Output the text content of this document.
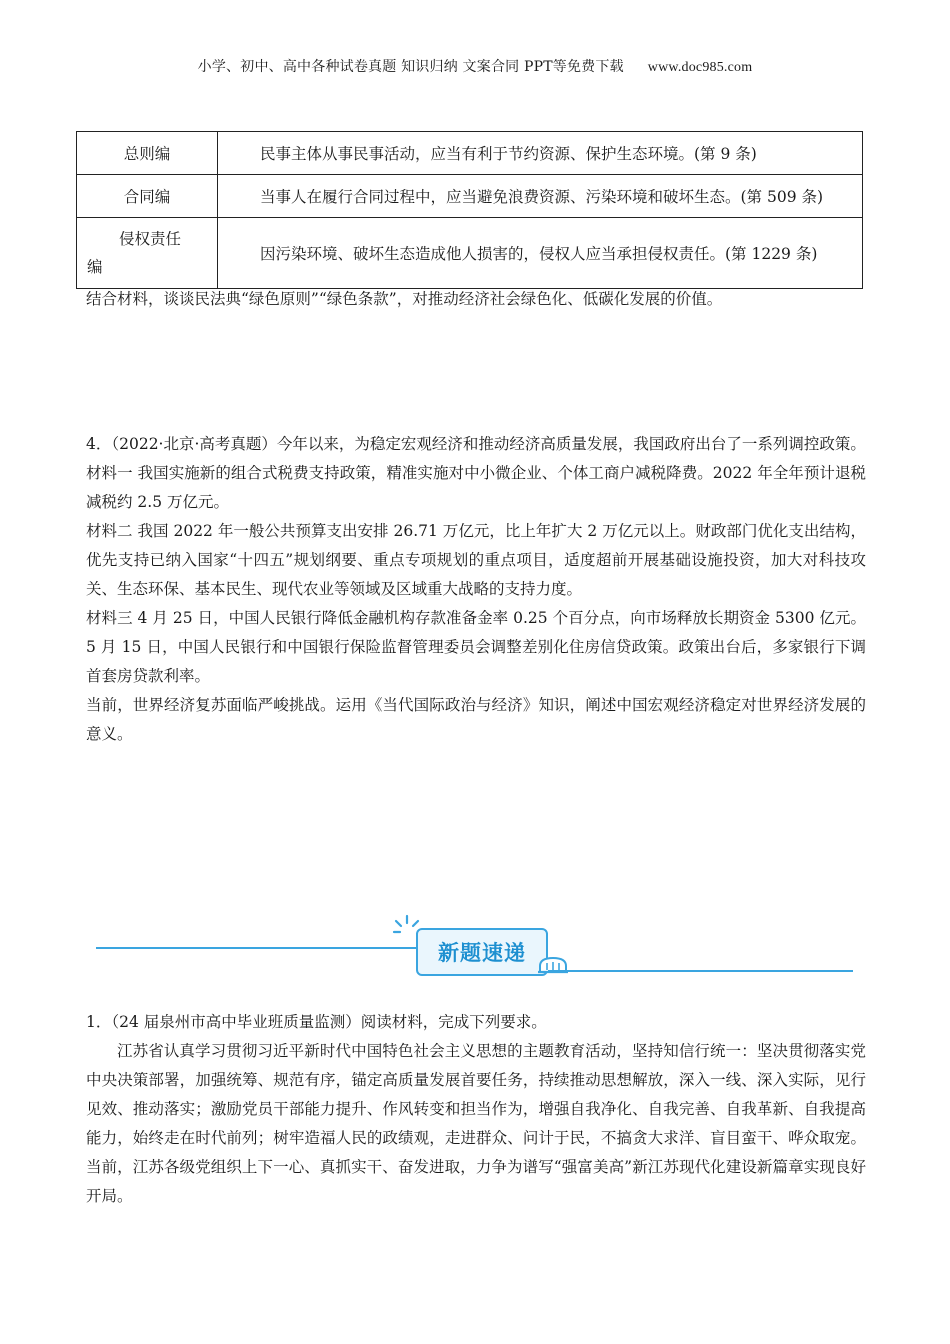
小学、初中、高中各种试卷真题 知识归纳 文案合同 PPT等免费下载 www.doc985.com
总则编	民事主体从事民事活动，应当有利于节约资源、保护生态环境。(第 9 条)
合同编	当事人在履行合同过程中，应当避免浪费资源、污染环境和破坏生态。(第 509 条)

侵权责任
编	因污染环境、破坏生态造成他人损害的，侵权人应当承担侵权责任。(第 1229 条)

结合材料，谈谈民法典“绿色原则”“绿色条款”，对推动经济社会绿色化、低碳化发展的价值。

4．（2022·北京·高考真题）今年以来，为稳定宏观经济和推动经济高质量发展，我国政府出台了一系列调控政策。

材料一 我国实施新的组合式税费支持政策，精准实施对中小微企业、个体工商户减税降费。2022 年全年预计退税减税约 2.5 万亿元。

材料二 我国 2022 年一般公共预算支出安排 26.71 万亿元，比上年扩大 2 万亿元以上。财政部门优化支出结构，优先支持已纳入国家“十四五”规划纲要、重点专项规划的重点项目，适度超前开展基础设施投资，加大对科技攻关、生态环保、基本民生、现代农业等领域及区域重大战略的支持力度。

材料三 4 月 25 日，中国人民银行降低金融机构存款准备金率 0.25 个百分点，向市场释放长期资金 5300 亿元。5 月 15 日，中国人民银行和中国银行保险监督管理委员会调整差别化住房信贷政策。政策出台后，多家银行下调首套房贷款利率。

当前，世界经济复苏面临严峻挑战。运用《当代国际政治与经济》知识，阐述中国宏观经济稳定对世界经济发展的意义。

新题速递

1．（24 届泉州市高中毕业班质量监测）阅读材料，完成下列要求。

江苏省认真学习贯彻习近平新时代中国特色社会主义思想的主题教育活动，坚持知信行统一：坚决贯彻落实党中央决策部署，加强统筹、规范有序，锚定高质量发展首要任务，持续推动思想解放，深入一线、深入实际，见行见效、推动落实；激励党员干部能力提升、作风转变和担当作为，增强自我净化、自我完善、自我革新、自我提高能力，始终走在时代前列；树牢造福人民的政绩观，走进群众、问计于民，不搞贪大求洋、盲目蛮干、哗众取宠。当前，江苏各级党组织上下一心、真抓实干、奋发进取，力争为谱写“强富美高”新江苏现代化建设新篇章实现良好开局。
